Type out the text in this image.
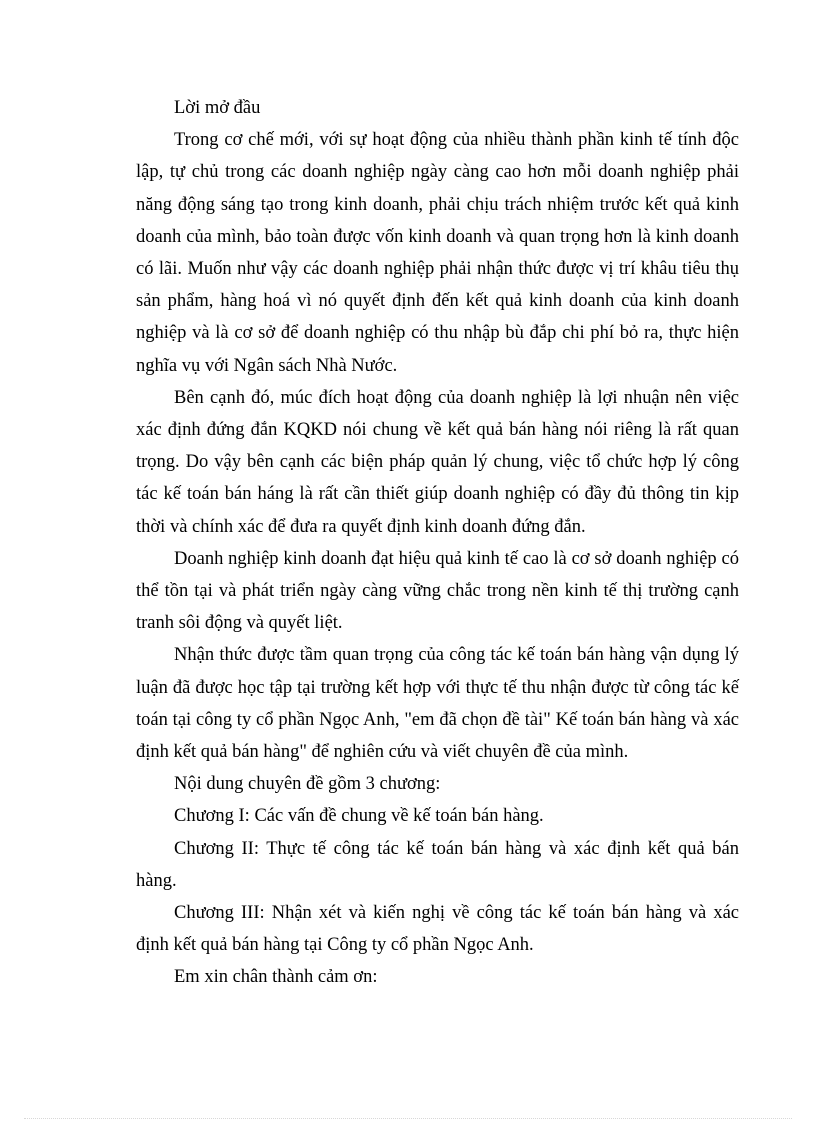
Lời mở đầu

Trong cơ chế mới, với sự hoạt động của nhiều thành phần kinh tế tính độc lập, tự chủ trong các doanh nghiệp ngày càng cao hơn mỗi doanh nghiệp phải năng động sáng tạo trong kinh doanh, phải chịu trách nhiệm trước kết quả kinh doanh của mình, bảo toàn được vốn kinh doanh và quan trọng hơn là kinh doanh có lãi. Muốn như vậy các doanh nghiệp phải nhận thức được vị trí khâu tiêu thụ sản phẩm, hàng hoá vì nó quyết định đến kết quả kinh doanh của kinh doanh nghiệp và là cơ sở để doanh nghiệp có thu nhập bù đắp chi phí bỏ ra, thực hiện nghĩa vụ với Ngân sách Nhà Nước.

Bên cạnh đó, múc đích hoạt động của doanh nghiệp là lợi nhuận nên việc xác định đứng đắn KQKD nói chung về kết quả bán hàng nói riêng là rất quan trọng. Do vậy bên cạnh các biện pháp quản lý chung, việc tổ chức hợp lý công tác kế toán bán háng là rất cần thiết giúp doanh nghiệp có đầy đủ thông tin kịp thời và chính xác để đưa ra quyết định kinh doanh đứng đắn.

Doanh nghiệp kinh doanh đạt hiệu quả kinh tế cao là cơ sở doanh nghiệp có thể tồn tại và phát triển ngày càng vững chắc trong nền kinh tế thị trường cạnh tranh sôi động và quyết liệt.

Nhận thức được tầm quan trọng của công tác kế toán bán hàng vận dụng lý luận đã được học tập tại trường kết hợp với thực tế thu nhận được từ công tác kế toán tại công ty cổ phần Ngọc Anh, "em đã chọn đề tài" Kế toán bán hàng và xác định kết quả bán hàng" để nghiên cứu và viết chuyên đề của mình.

Nội dung chuyên đề gồm 3 chương:

Chương I: Các vấn đề chung về kế toán bán hàng.

Chương II: Thực tế công tác kế toán bán hàng và xác định kết quả bán hàng.

Chương III: Nhận xét và kiến nghị về công tác kế toán bán hàng và xác định kết quả bán hàng tại Công ty cổ phần Ngọc Anh.

Em xin chân thành cảm ơn:
